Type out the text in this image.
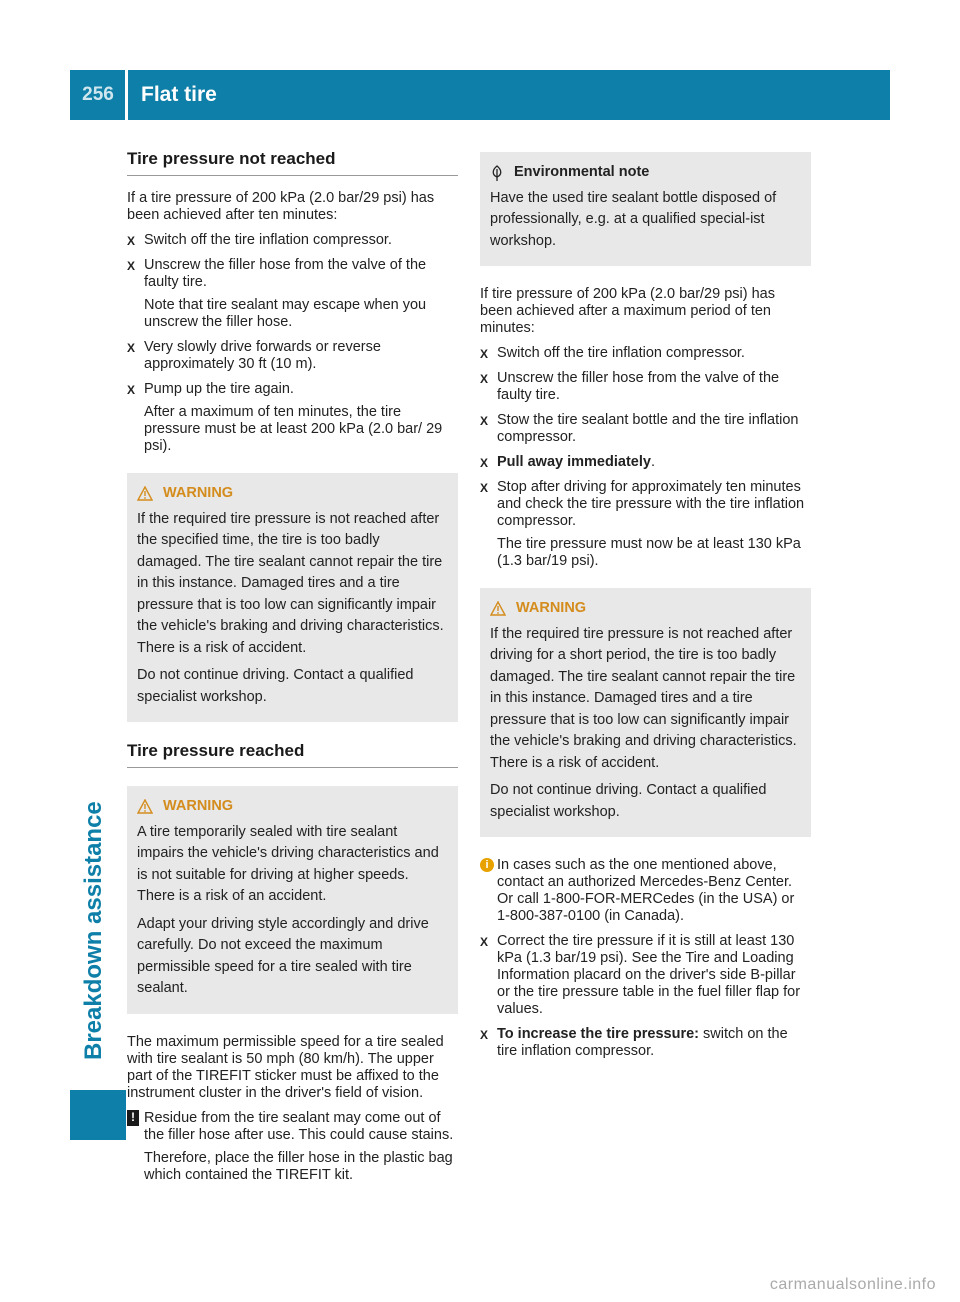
256	Flat tire
Breakdown assistance
Tire pressure not reached

If a tire pressure of 200 kPa (2.0 bar/29 psi) has been achieved after ten minutes:

X Switch off the tire inflation compressor.
X Unscrew the filler hose from the valve of the faulty tire.

Note that tire sealant may escape when you unscrew the filler hose.

X Very slowly drive forwards or reverse approximately 30 ft (10 m).
X Pump up the tire again.

After a maximum of ten minutes, the tire pressure must be at least 200 kPa (2.0 bar/ 29 psi).

WARNING

If the required tire pressure is not reached after the specified time, the tire is too badly damaged. The tire sealant cannot repair the tire in this instance. Damaged tires and a tire pressure that is too low can significantly impair the vehicle's braking and driving characteristics. There is a risk of accident.

Do not continue driving. Contact a qualified specialist workshop.

Tire pressure reached
WARNING

A tire temporarily sealed with tire sealant impairs the vehicle's driving characteristics and is not suitable for driving at higher speeds. There is a risk of an accident.

Adapt your driving style accordingly and drive carefully. Do not exceed the maximum permissible speed for a tire sealed with tire sealant.

The maximum permissible speed for a tire sealed with tire sealant is 50 mph (80 km/h). The upper part of the TIREFIT sticker must be affixed to the instrument cluster in the driver's field of vision.

! Residue from the tire sealant may come out of the filler hose after use. This could cause stains.

Therefore, place the filler hose in the plastic bag which contained the TIREFIT kit.

Environmental note

Have the used tire sealant bottle disposed of professionally, e.g. at a qualified special-ist workshop.

If tire pressure of 200 kPa (2.0 bar/29 psi) has been achieved after a maximum period of ten minutes:

X Switch off the tire inflation compressor.
X Unscrew the filler hose from the valve of the faulty tire.
X Stow the tire sealant bottle and the tire inflation compressor.
X Pull away immediately.
X Stop after driving for approximately ten minutes and check the tire pressure with the tire inflation compressor.

The tire pressure must now be at least 130 kPa (1.3 bar/19 psi).

WARNING

If the required tire pressure is not reached after driving for a short period, the tire is too badly damaged. The tire sealant cannot repair the tire in this instance. Damaged tires and a tire pressure that is too low can significantly impair the vehicle's braking and driving characteristics. There is a risk of accident.

Do not continue driving. Contact a qualified specialist workshop.

i In cases such as the one mentioned above, contact an authorized Mercedes-Benz Center. Or call 1-800-FOR-MERCedes (in the USA) or 1-800-387-0100 (in Canada).
X Correct the tire pressure if it is still at least 130 kPa (1.3 bar/19 psi). See the Tire and Loading Information placard on the driver's side B-pillar or the tire pressure table in the fuel filler flap for values.
X To increase the tire pressure: switch on the tire inflation compressor.
carmanualsonline.info
